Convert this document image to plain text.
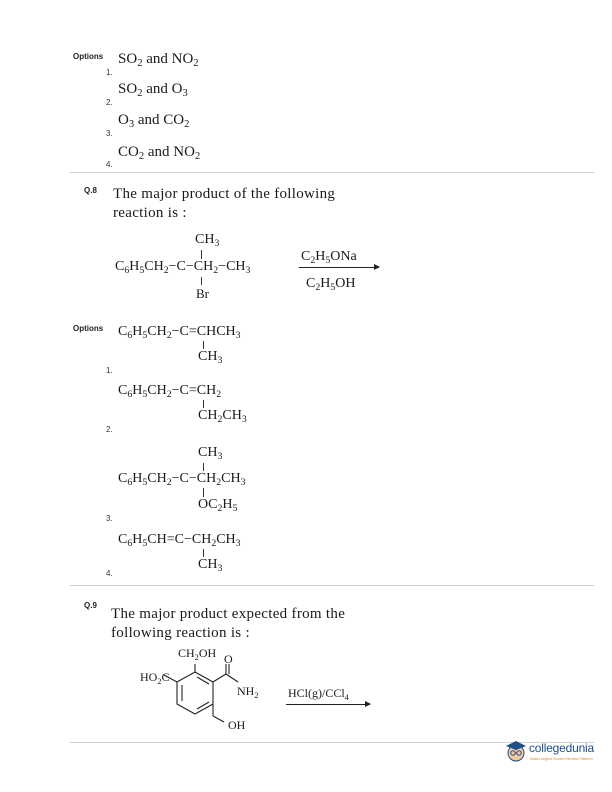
Options
1.
$SO_2$ and $NO_2$
2.
$SO_2$ and $O_3$
3.
$O_3$ and $CO_2$
4.
$CO_2$ and $NO_2$
Q.8 The major product of the following
reaction is :
$CH_3$
$C_6H_5CH_2-C-CH_2-CH_3$
Br
$C_2H_5ONa$
$C_2H_5OH$
Options
1.
$C_6H_5CH_2-C=CHCH_3$
$CH_3$
2.
$C_6H_5CH_2-C=CH_2$
$CH_2CH_3$
3.
$CH_3$
$C_6H_5CH_2-C-CH_2CH_3$
$OC_2H_5$
4.
$C_6H_5CH=C-CH_2CH_3$
$CH_3$
Q.9
The major product expected from the
following reaction is :
$CH_2OH$ O
$HO_2C$
$NH_2$
OH
HCl(g)/CCl$_4$
collegedunia
India's largest Student Review Platform
